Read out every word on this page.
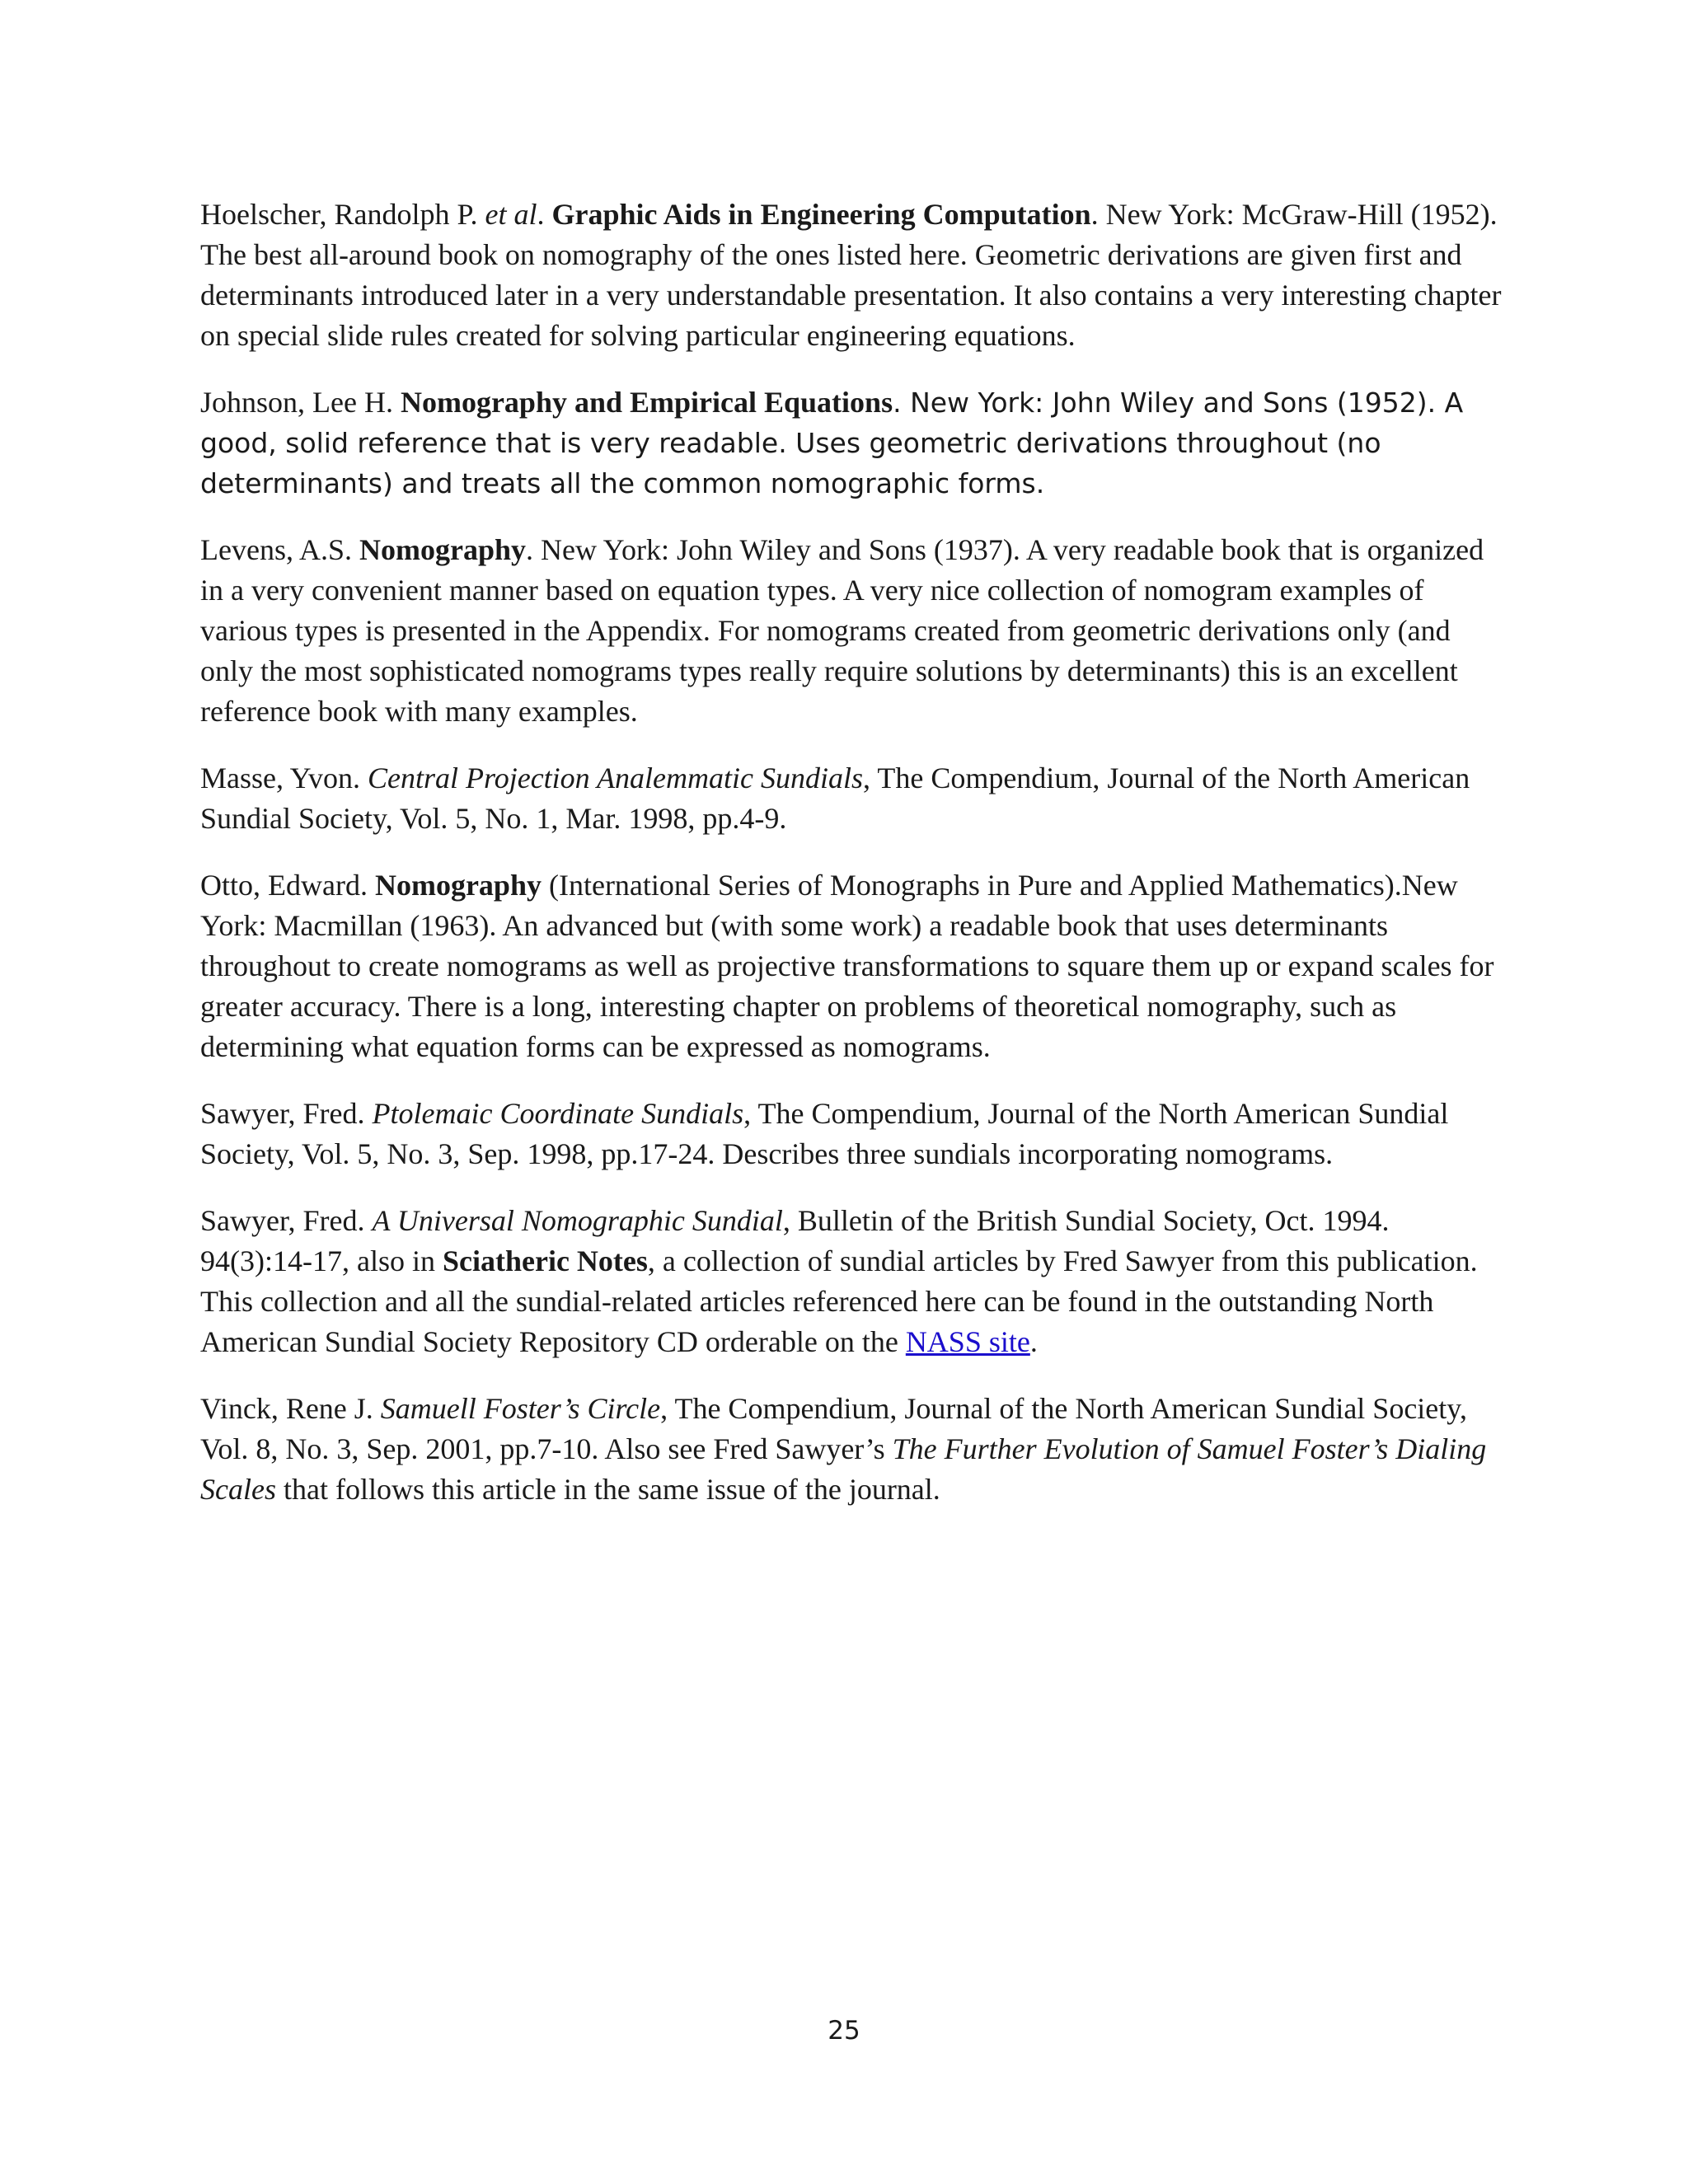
Hoelscher, Randolph P. et al. Graphic Aids in Engineering Computation. New York: McGraw-Hill (1952). The best all-around book on nomography of the ones listed here. Geometric derivations are given first and determinants introduced later in a very understandable presentation. It also contains a very interesting chapter on special slide rules created for solving particular engineering equations.

Johnson, Lee H. Nomography and Empirical Equations. New York: John Wiley and Sons (1952). A good, solid reference that is very readable. Uses geometric derivations throughout (no determinants) and treats all the common nomographic forms.

Levens, A.S. Nomography. New York: John Wiley and Sons (1937). A very readable book that is organized in a very convenient manner based on equation types. A very nice collection of nomogram examples of various types is presented in the Appendix. For nomograms created from geometric derivations only (and only the most sophisticated nomograms types really require solutions by determinants) this is an excellent reference book with many examples.

Masse, Yvon. Central Projection Analemmatic Sundials, The Compendium, Journal of the North American Sundial Society, Vol. 5, No. 1, Mar. 1998, pp.4-9.

Otto, Edward. Nomography (International Series of Monographs in Pure and Applied Mathematics).New York: Macmillan (1963). An advanced but (with some work) a readable book that uses determinants throughout to create nomograms as well as projective transformations to square them up or expand scales for greater accuracy. There is a long, interesting chapter on problems of theoretical nomography, such as determining what equation forms can be expressed as nomograms.

Sawyer, Fred. Ptolemaic Coordinate Sundials, The Compendium, Journal of the North American Sundial Society, Vol. 5, No. 3, Sep. 1998, pp.17-24. Describes three sundials incorporating nomograms.

Sawyer, Fred. A Universal Nomographic Sundial, Bulletin of the British Sundial Society, Oct. 1994. 94(3):14-17, also in Sciatheric Notes, a collection of sundial articles by Fred Sawyer from this publication. This collection and all the sundial-related articles referenced here can be found in the outstanding North American Sundial Society Repository CD orderable on the NASS site.

Vinck, Rene J. Samuell Foster’s Circle, The Compendium, Journal of the North American Sundial Society, Vol. 8, No. 3, Sep. 2001, pp.7-10. Also see Fred Sawyer’s The Further Evolution of Samuel Foster’s Dialing Scales that follows this article in the same issue of the journal.

25
